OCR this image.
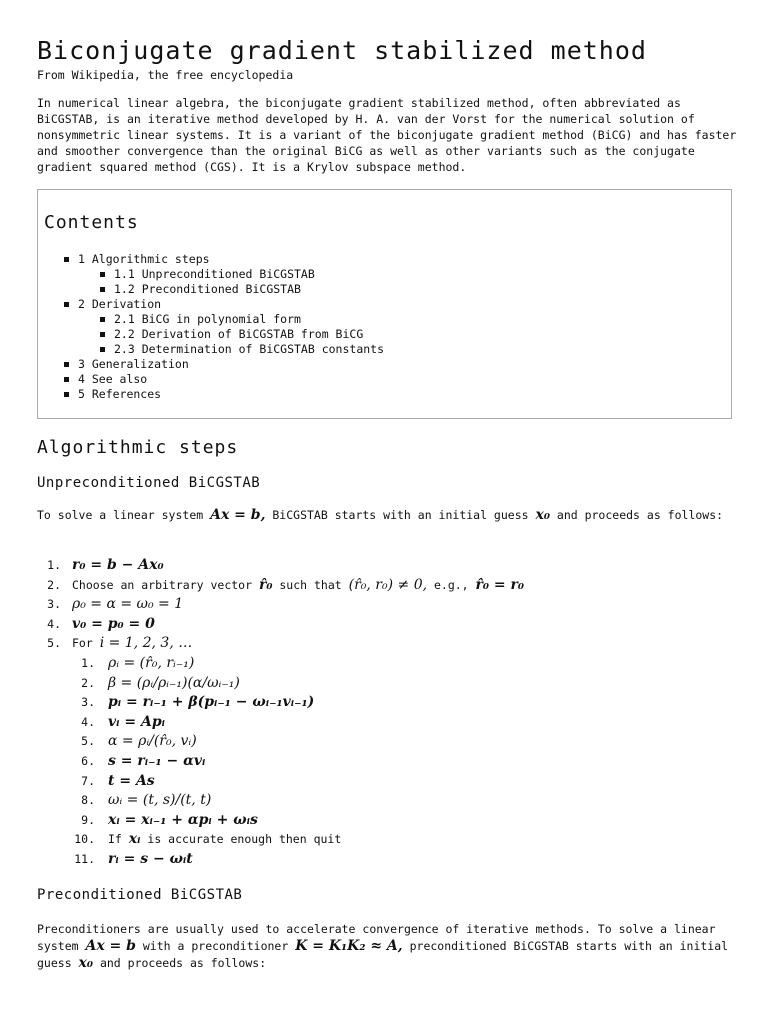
Biconjugate gradient stabilized method
From Wikipedia, the free encyclopedia

In numerical linear algebra, the biconjugate gradient stabilized method, often abbreviated as BiCGSTAB, is an iterative method developed by H. A. van der Vorst for the numerical solution of nonsymmetric linear systems. It is a variant of the biconjugate gradient method (BiCG) and has faster and smoother convergence than the original BiCG as well as other variants such as the conjugate gradient squared method (CGS). It is a Krylov subspace method.

Contents
1 Algorithmic steps
1.1 Unpreconditioned BiCGSTAB
1.2 Preconditioned BiCGSTAB
2 Derivation
2.1 BiCG in polynomial form
2.2 Derivation of BiCGSTAB from BiCG
2.3 Determination of BiCGSTAB constants
3 Generalization
4 See also
5 References
Algorithmic steps
Unpreconditioned BiCGSTAB

To solve a linear system Ax = b, BiCGSTAB starts with an initial guess x₀ and proceeds as follows:

1. r₀ = b − Ax₀
2. Choose an arbitrary vector r̂₀ such that (r̂₀, r₀) ≠ 0, e.g., r̂₀ = r₀
3. ρ₀ = α = ω₀ = 1
4. v₀ = p₀ = 0
5. For i = 1, 2, 3, …
1. ρᵢ = (r̂₀, rᵢ₋₁)
2. β = (ρᵢ/ρᵢ₋₁)(α/ωᵢ₋₁)
3. pᵢ = rᵢ₋₁ + β(pᵢ₋₁ − ωᵢ₋₁vᵢ₋₁)
4. vᵢ = Apᵢ
5. α = ρᵢ/(r̂₀, vᵢ)
6. s = rᵢ₋₁ − αvᵢ
7. t = As
8. ωᵢ = (t, s)/(t, t)
9. xᵢ = xᵢ₋₁ + αpᵢ + ωᵢs
10. If xᵢ is accurate enough then quit
11. rᵢ = s − ωᵢt
Preconditioned BiCGSTAB

Preconditioners are usually used to accelerate convergence of iterative methods. To solve a linear system Ax = b with a preconditioner K = K₁K₂ ≈ A, preconditioned BiCGSTAB starts with an initial guess x₀ and proceeds as follows:
